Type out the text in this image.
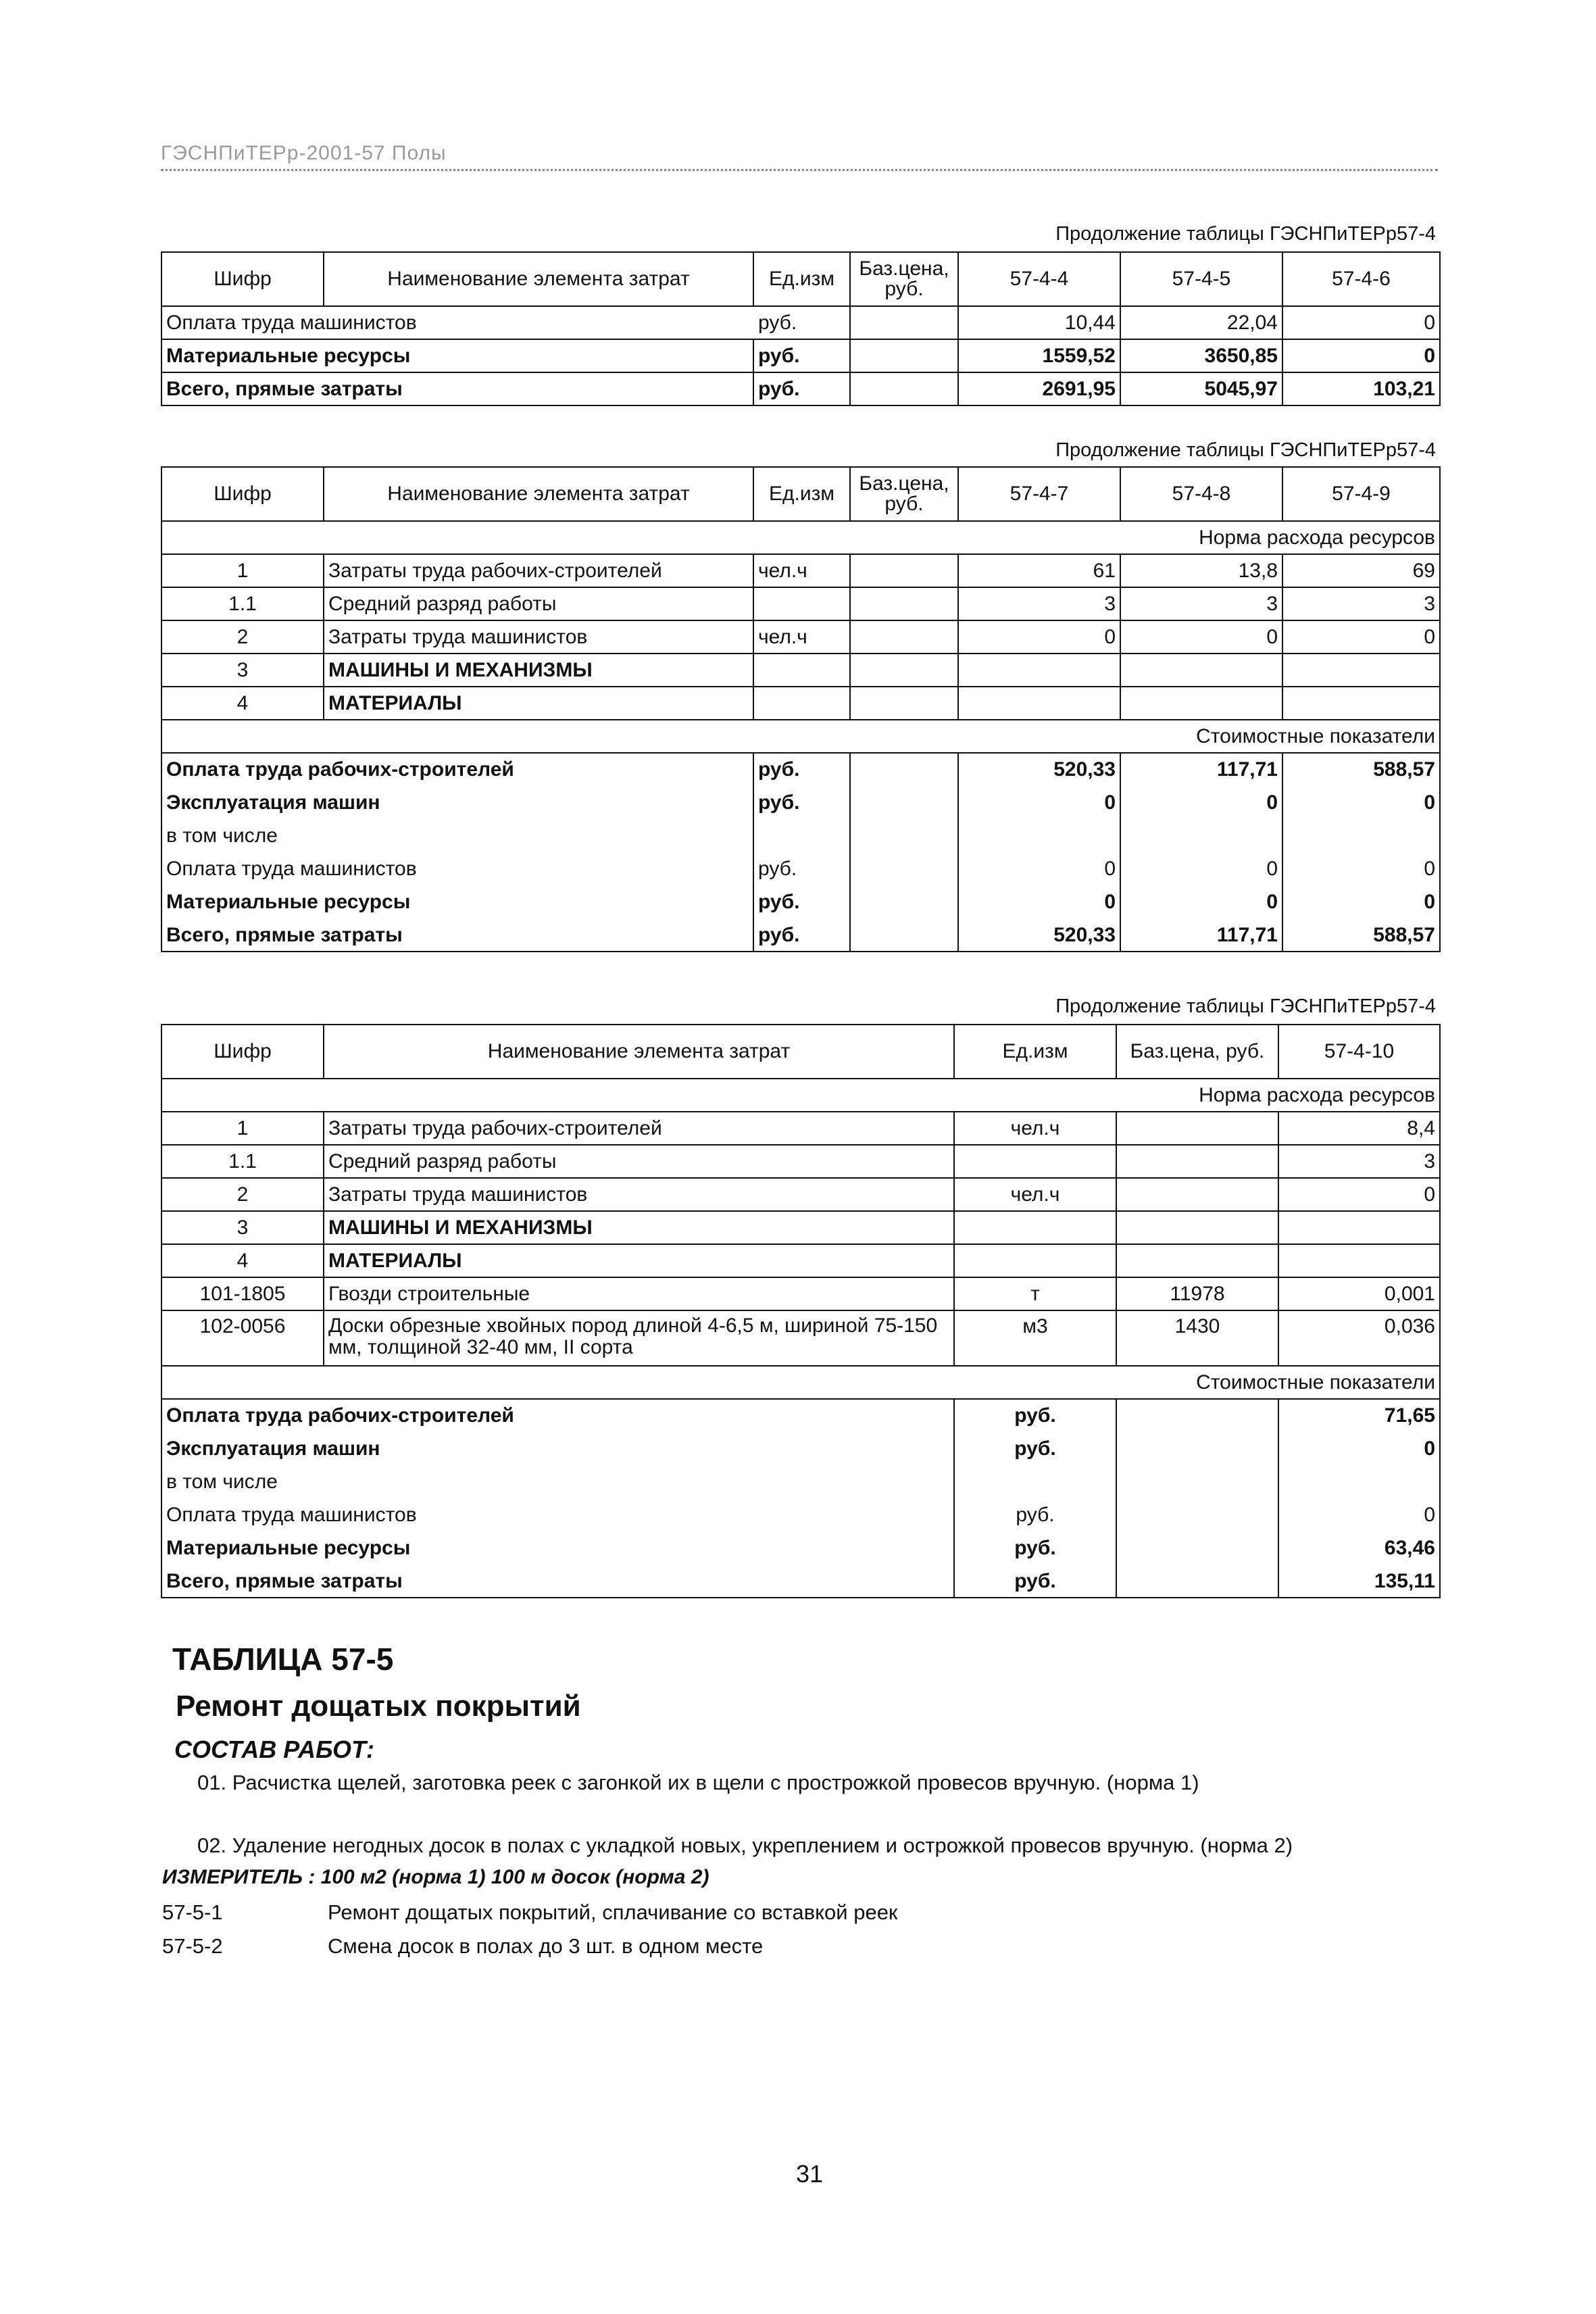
ГЭСНПиТЕРр-2001-57 Полы
Продолжение таблицы ГЭСНПиТЕРр57-4
Шифр	Наименование элемента затрат	Ед.изм	Баз.цена, руб.	57-4-4	57-4-5	57-4-6
Оплата труда машинистов		руб.		10,44	22,04	0
Материальные ресурсы		руб.		1559,52	3650,85	0
Всего, прямые затраты		руб.		2691,95	5045,97	103,21
Продолжение таблицы ГЭСНПиТЕРр57-4
Шифр	Наименование элемента затрат	Ед.изм	Баз.цена, руб.	57-4-7	57-4-8	57-4-9
Норма расхода ресурсов						
1	Затраты труда рабочих-строителей	чел.ч		61	13,8	69
1.1	Средний разряд работы			3	3	3
2	Затраты труда машинистов	чел.ч		0	0	0
3	МАШИНЫ И МЕХАНИЗМЫ					
4	МАТЕРИАЛЫ					
Стоимостные показатели						
Оплата труда рабочих-строителей		руб.		520,33	117,71	588,57
Эксплуатация машин		руб.		0	0	0
в том числе						
Оплата труда машинистов		руб.		0	0	0
Материальные ресурсы		руб.		0	0	0
Всего, прямые затраты		руб.		520,33	117,71	588,57
Продолжение таблицы ГЭСНПиТЕРр57-4
Шифр	Наименование элемента затрат	Ед.изм	Баз.цена, руб.	57-4-10
Норма расхода ресурсов				
1	Затраты труда рабочих-строителей	чел.ч		8,4
1.1	Средний разряд работы			3
2	Затраты труда машинистов	чел.ч		0
3	МАШИНЫ И МЕХАНИЗМЫ			
4	МАТЕРИАЛЫ			
101-1805	Гвозди строительные	т	11978	0,001
102-0056	Доски обрезные хвойных пород длиной 4-6,5 м, шириной 75-150 мм, толщиной 32-40 мм, II сорта	м3	1430	0,036
Стоимостные показатели				
Оплата труда рабочих-строителей		руб.		71,65
Эксплуатация машин		руб.		0
в том числе				
Оплата труда машинистов		руб.		0
Материальные ресурсы		руб.		63,46
Всего, прямые затраты		руб.		135,11
ТАБЛИЦА 57-5
Ремонт дощатых покрытий
СОСТАВ РАБОТ:
01. Расчистка щелей, заготовка реек с загонкой их в щели с прострожкой провесов вручную. (норма 1)
02. Удаление негодных досок в полах с укладкой новых, укреплением и острожкой провесов вручную. (норма 2)
ИЗМЕРИТЕЛЬ : 100 м2 (норма 1) 100 м досок (норма 2)
57-5-1	Ремонт дощатых покрытий, сплачивание со вставкой реек
57-5-2	Смена досок в полах до 3 шт. в одном месте
31
